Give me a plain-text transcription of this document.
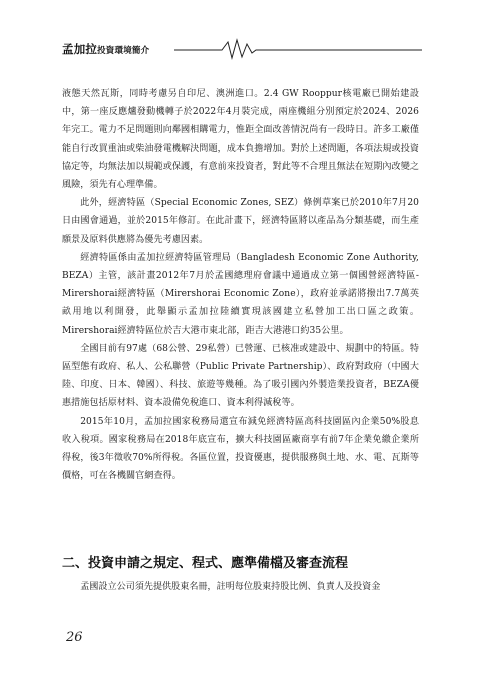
孟加拉投資環境簡介

液態天然瓦斯，同時考慮另自印尼、澳洲進口。2.4 GW Rooppur核電廠已開始建設中，第一座反應爐發動機轉子於2022年4月裝完成，兩座機組分別預定於2024、2026年完工。電力不足問題則向鄰國相購電力，惟距全面改善情況尚有一段時日。許多工廠僅能自行改買重油或柴油發電機解決問題，成本負擔增加。對於上述問題，各項法規或投資協定等，均無法加以規範或保護，有意前來投資者，對此等不合理且無法在短期內改變之風險，須先有心理準備。

此外，經濟特區（Special Economic Zones, SEZ）條例草案已於2010年7月20日由國會通過，並於2015年修訂。在此計畫下，經濟特區將以產品為分類基礎，而生產願景及原料供應將為優先考慮因素。

經濟特區係由孟加拉經濟特區管理局（Bangladesh Economic Zone Authority, BEZA）主管，該計畫2012年7月於孟國總理府會議中通過成立第一個國營經濟特區-Mirershorai經濟特區（Mirershorai Economic Zone），政府並承諾將撥出7.7萬英畝用地以利開發，此舉顯示孟加拉陸續實現該國建立私營加工出口區之政策。Mirershorai經濟特區位於吉大港市東北部，距吉大港港口約35公里。

全國目前有97處（68公營、29私營）已營運、已核准或建設中、規劃中的特區。特區型態有政府、私人、公私聯營（Public Private Partnership）、政府對政府（中國大陸、印度、日本、韓國）、科技、旅遊等幾種。為了吸引國內外製造業投資者，BEZA優惠措施包括原材料、資本設備免稅進口、資本利得減稅等。

2015年10月，孟加拉國家稅務局還宣布減免經濟特區高科技園區內企業50%股息收入稅項。國家稅務局在2018年底宣布，擴大科技園區廠商享有前7年企業免繳企業所得稅，後3年徵收70%所得稅。各區位置，投資優惠，提供服務與土地、水、電、瓦斯等價格，可在各機關官網查得。

二、投資申請之規定、程式、應準備檔及審查流程

孟國設立公司須先提供股東名冊，註明每位股東持股比例、負責人及投資金

26
